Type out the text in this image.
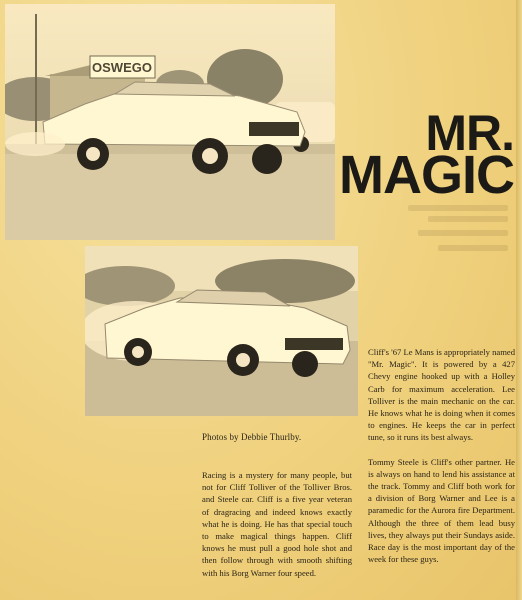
OSWEGO
MR.
MAGIC
Photos by Debbie Thurlby.

Cliff's '67 Le Mans is appropriately named "Mr. Magic". It is powered by a 427 Chevy engine hooked up with a Holley Carb for maximum acceleration. Lee Tolliver is the main mechanic on the car. He knows what he is doing when it comes to engines. He keeps the car in perfect tune, so it runs its best always.

Tommy Steele is Cliff's other partner. He is always on hand to lend his assistance at the track. Tommy and Cliff both work for a division of Borg Warner and Lee is a paramedic for the Aurora fire Department. Although the three of them lead busy lives, they always put their Sundays aside. Race day is the most important day of the week for these guys.

Racing is a mystery for many people, but not for Cliff Tolliver of the Tolliver Bros. and Steele car. Cliff is a five year veteran of dragracing and indeed knows exactly what he is doing. He has that special touch to make magical things happen. Cliff knows he must pull a good hole shot and then follow through with smooth shifting with his Borg Warner four speed.
